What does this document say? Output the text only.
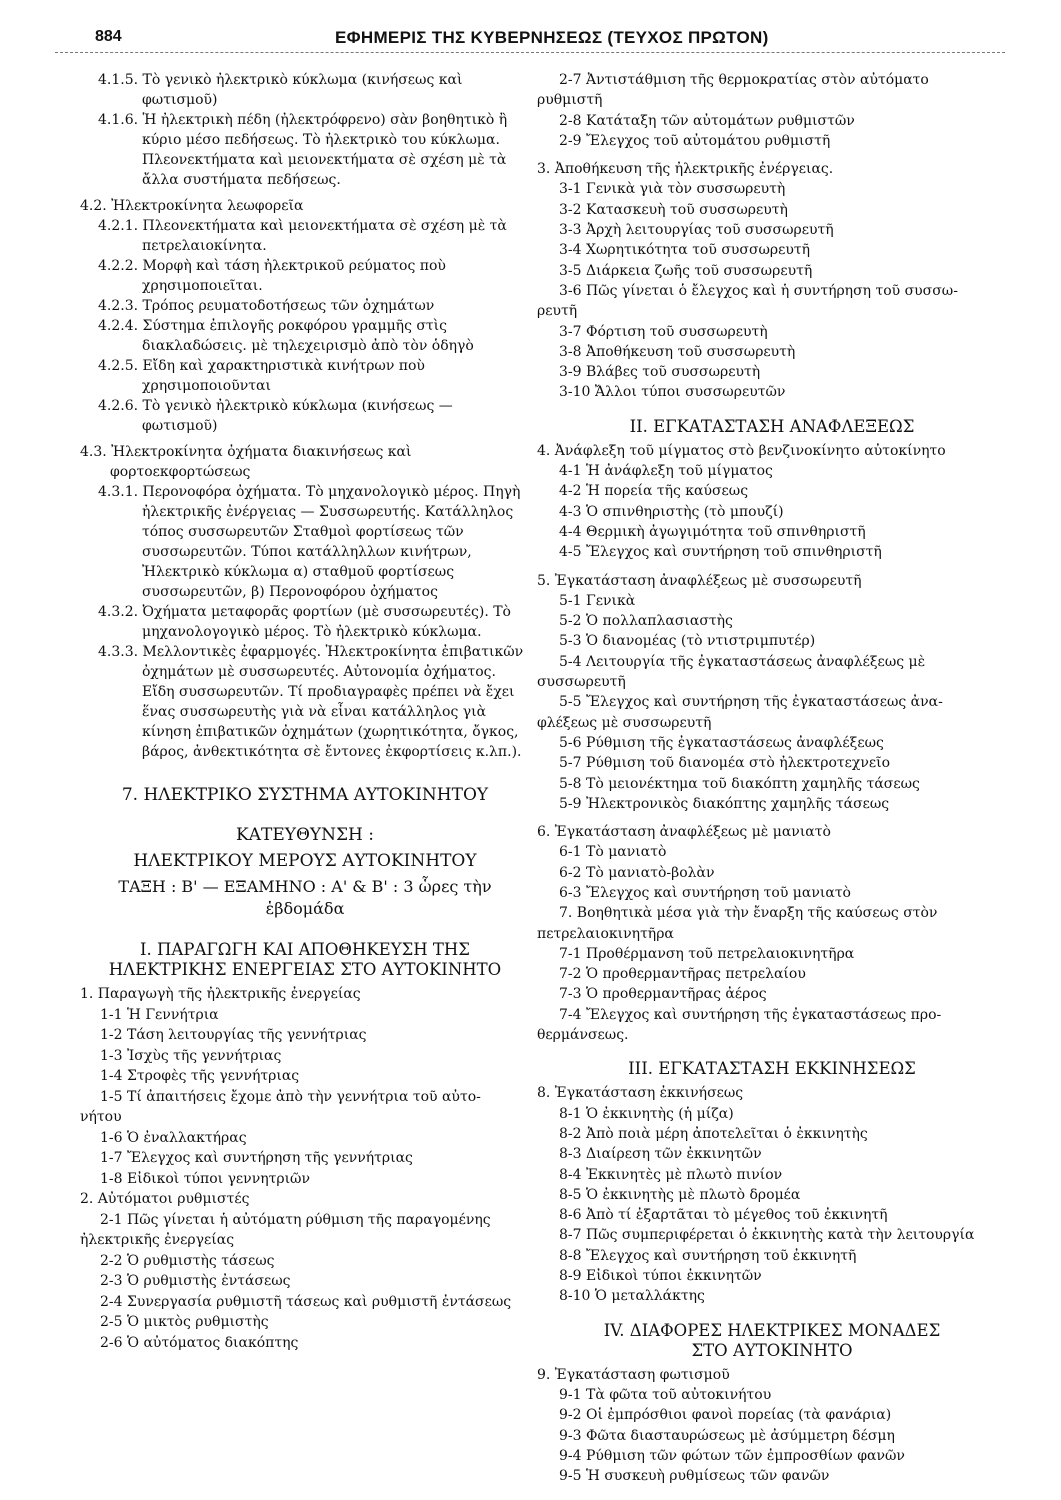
884	ΕΦΗΜΕΡΙΣ ΤΗΣ ΚΥΒΕΡΝΗΣΕΩΣ (ΤΕΥΧΟΣ ΠΡΩΤΟΝ)

4.1.5. Τὸ γενικὸ ἠλεκτρικὸ κύκλωμα (κινήσεως καὶ φωτισμοῦ)

4.1.6. Ἡ ἠλεκτρικὴ πέδη (ἠλεκτρόφρενο) σὰν βοηθητικὸ ἢ κύριο μέσο πεδήσεως. Τὸ ἠλεκτρικὸ του κύκλωμα. Πλεονεκτήματα καὶ μειονεκτήματα σὲ σχέση μὲ τὰ ἄλλα συστήματα πεδήσεως.

4.2. Ἠλεκτροκίνητα λεωφορεῖα

4.2.1. Πλεονεκτήματα καὶ μειονεκτήματα σὲ σχέση μὲ τὰ πετρελαιοκίνητα.

4.2.2. Μορφὴ καὶ τάση ἠλεκτρικοῦ ρεύματος ποὺ χρησιμοποιεῖται.

4.2.3. Τρόπος ρευματοδοτήσεως τῶν ὀχημάτων

4.2.4. Σύστημα ἐπιλογῆς ροκφόρου γραμμῆς στὶς διακλαδώσεις. μὲ τηλεχειρισμὸ ἀπὸ τὸν ὁδηγὸ

4.2.5. Εἴδη καὶ χαρακτηριστικὰ κινήτρων ποὺ χρησιμοποιοῦνται

4.2.6. Τὸ γενικὸ ἠλεκτρικὸ κύκλωμα (κινήσεως — φωτισμοῦ)

4.3. Ἠλεκτροκίνητα ὀχήματα διακινήσεως καὶ φορτοεκφορτώσεως

4.3.1. Περονοφόρα ὀχήματα. Τὸ μηχανολογικὸ μέρος. Πηγὴ ἠλεκτρικῆς ἐνέργειας — Συσσωρευτής. Κατάλληλος τόπος συσσωρευτῶν Σταθμοὶ φορτίσεως τῶν συσσωρευτῶν. Τύποι κατάλληλλων κινήτρων, Ἠλεκτρικὸ κύκλωμα α) σταθμοῦ φορτίσεως συσσωρευτῶν, β) Περονοφόρου ὀχήματος

4.3.2. Ὀχήματα μεταφορᾶς φορτίων (μὲ συσσωρευτές). Τὸ μηχανολογογικὸ μέρος. Τὸ ἠλεκτρικὸ κύκλωμα.

4.3.3. Μελλοντικὲς ἐφαρμογές. Ἠλεκτροκίνητα ἐπιβατικῶν ὀχημάτων μὲ συσσωρευτές. Αὐτονομία ὀχήματος. Εἴδη συσσωρευτῶν. Τί προδιαγραφὲς πρέπει νὰ ἔχει ἕνας συσσωρευτὴς γιὰ νὰ εἶναι κατάλληλος γιὰ κίνηση ἐπιβατικῶν ὀχημάτων (χωρητικότητα, ὄγκος, βάρος, ἀνθεκτικότητα σὲ ἔντονες ἐκφορτίσεις κ.λπ.).

7. ΗΛΕΚΤΡΙΚΟ ΣΥΣΤΗΜΑ ΑΥΤΟΚΙΝΗΤΟΥ
ΚΑΤΕΥΘΥΝΣΗ :
ΗΛΕΚΤΡΙΚΟΥ ΜΕΡΟΥΣ ΑΥΤΟΚΙΝΗΤΟΥ
ΤΑΞΗ : Β' — ΕΞΑΜΗΝΟ : Α' & Β' : 3 ὧρες τὴν ἑβδομάδα
Ι. ΠΑΡΑΓΩΓΗ ΚΑΙ ΑΠΟΘΗΚΕΥΣΗ ΤΗΣ
ΗΛΕΚΤΡΙΚΗΣ ΕΝΕΡΓΕΙΑΣ ΣΤΟ ΑΥΤΟΚΙΝΗΤΟ

1. Παραγωγὴ τῆς ἠλεκτρικῆς ἐνεργείας

1-1 Ἡ Γεννήτρια

1-2 Τάση λειτουργίας τῆς γεννήτριας

1-3 Ἰσχὺς τῆς γεννήτριας

1-4 Στροφὲς τῆς γεννήτριας

1-5 Τί ἀπαιτήσεις ἔχομε ἀπὸ τὴν γεννήτρια τοῦ αὐτο-

νήτου

1-6 Ὁ ἐναλλακτήρας

1-7 Ἔλεγχος καὶ συντήρηση τῆς γεννήτριας

1-8 Εἰδικοὶ τύποι γεννητριῶν

2. Αὐτόματοι ρυθμιστές

2-1 Πῶς γίνεται ἡ αὐτόματη ρύθμιση τῆς παραγομένης

ἠλεκτρικῆς ἐνεργείας

2-2 Ὁ ρυθμιστὴς τάσεως

2-3 Ὁ ρυθμιστὴς ἐντάσεως

2-4 Συνεργασία ρυθμιστῆ τάσεως καὶ ρυθμιστῆ ἐντάσεως

2-5 Ὁ μικτὸς ρυθμιστὴς

2-6 Ὁ αὐτόματος διακόπτης

2-7 Ἀντιστάθμιση τῆς θερμοκρατίας στὸν αὐτόματο

ρυθμιστῆ

2-8 Κατάταξη τῶν αὐτομάτων ρυθμιστῶν

2-9 Ἔλεγχος τοῦ αὐτομάτου ρυθμιστῆ

3. Ἀποθήκευση τῆς ἠλεκτρικῆς ἐνέργειας.

3-1 Γενικὰ γιὰ τὸν συσσωρευτὴ

3-2 Κατασκευὴ τοῦ συσσωρευτὴ

3-3 Ἀρχὴ λειτουργίας τοῦ συσσωρευτῆ

3-4 Χωρητικότητα τοῦ συσσωρευτῆ

3-5 Διάρκεια ζωῆς τοῦ συσσωρευτῆ

3-6 Πῶς γίνεται ὁ ἔλεγχος καὶ ἡ συντήρηση τοῦ συσσω-

ρευτῆ

3-7 Φόρτιση τοῦ συσσωρευτὴ

3-8 Ἀποθήκευση τοῦ συσσωρευτὴ

3-9 Βλάβες τοῦ συσσωρευτὴ

3-10 Ἄλλοι τύποι συσσωρευτῶν

ΙΙ. ΕΓΚΑΤΑΣΤΑΣΗ ΑΝΑΦΛΕΞΕΩΣ

4. Ἀνάφλεξη τοῦ μίγματος στὸ βενζινοκίνητο αὐτοκίνητο

4-1 Ἡ ἀνάφλεξη τοῦ μίγματος

4-2 Ἡ πορεία τῆς καύσεως

4-3 Ὁ σπινθηριστὴς (τὸ μπουζί)

4-4 Θερμικὴ ἀγωγιμότητα τοῦ σπινθηριστῆ

4-5 Ἔλεγχος καὶ συντήρηση τοῦ σπινθηριστῆ

5. Ἐγκατάσταση ἀναφλέξεως μὲ συσσωρευτῆ

5-1 Γενικὰ

5-2 Ὁ πολλαπλασιαστὴς

5-3 Ὁ διανομέας (τὸ ντιστριμπυτέρ)

5-4 Λειτουργία τῆς ἐγκαταστάσεως ἀναφλέξεως μὲ

συσσωρευτῆ

5-5 Ἔλεγχος καὶ συντήρηση τῆς ἐγκαταστάσεως ἀνα-

φλέξεως μὲ συσσωρευτῆ

5-6 Ρύθμιση τῆς ἐγκαταστάσεως ἀναφλέξεως

5-7 Ρύθμιση τοῦ διανομέα στὸ ἠλεκτροτεχνεῖο

5-8 Τὸ μειονέκτημα τοῦ διακόπτη χαμηλῆς τάσεως

5-9 Ἠλεκτρονικὸς διακόπτης χαμηλῆς τάσεως

6. Ἐγκατάσταση ἀναφλέξεως μὲ μανιατὸ

6-1 Τὸ μανιατὸ

6-2 Τὸ μανιατὸ-βολὰν

6-3 Ἔλεγχος καὶ συντήρηση τοῦ μανιατὸ

7. Βοηθητικὰ μέσα γιὰ τὴν ἔναρξη τῆς καύσεως στὸν

πετρελαιοκινητῆρα

7-1 Προθέρμανση τοῦ πετρελαιοκινητῆρα

7-2 Ὁ προθερμαντῆρας πετρελαίου

7-3 Ὁ προθερμαντῆρας ἀέρος

7-4 Ἔλεγχος καὶ συντήρηση τῆς ἐγκαταστάσεως προ-

θερμάνσεως.

ΙΙΙ. ΕΓΚΑΤΑΣΤΑΣΗ ΕΚΚΙΝΗΣΕΩΣ

8. Ἐγκατάσταση ἐκκινήσεως

8-1 Ὁ ἐκκινητὴς (ἡ μίζα)

8-2 Ἀπὸ ποιὰ μέρη ἀποτελεῖται ὁ ἐκκινητὴς

8-3 Διαίρεση τῶν ἐκκινητῶν

8-4 Ἐκκινητὲς μὲ πλωτὸ πινίον

8-5 Ὁ ἐκκινητὴς μὲ πλωτὸ δρομέα

8-6 Ἀπὸ τί ἐξαρτᾶται τὸ μέγεθος τοῦ ἐκκινητῆ

8-7 Πῶς συμπεριφέρεται ὁ ἐκκινητὴς κατὰ τὴν λειτουργία

8-8 Ἔλεγχος καὶ συντήρηση τοῦ ἐκκινητῆ

8-9 Εἰδικοὶ τύποι ἐκκινητῶν

8-10 Ὁ μεταλλάκτης

ΙV. ΔΙΑΦΟΡΕΣ ΗΛΕΚΤΡΙΚΕΣ ΜΟΝΑΔΕΣ
ΣΤΟ ΑΥΤΟΚΙΝΗΤΟ

9. Ἐγκατάσταση φωτισμοῦ

9-1 Τὰ φῶτα τοῦ αὐτοκινήτου

9-2 Οἱ ἐμπρόσθιοι φανοὶ πορείας (τὰ φανάρια)

9-3 Φῶτα διασταυρώσεως μὲ ἀσύμμετρη δέσμη

9-4 Ρύθμιση τῶν φώτων τῶν ἐμπροσθίων φανῶν

9-5 Ἡ συσκευὴ ρυθμίσεως τῶν φανῶν
